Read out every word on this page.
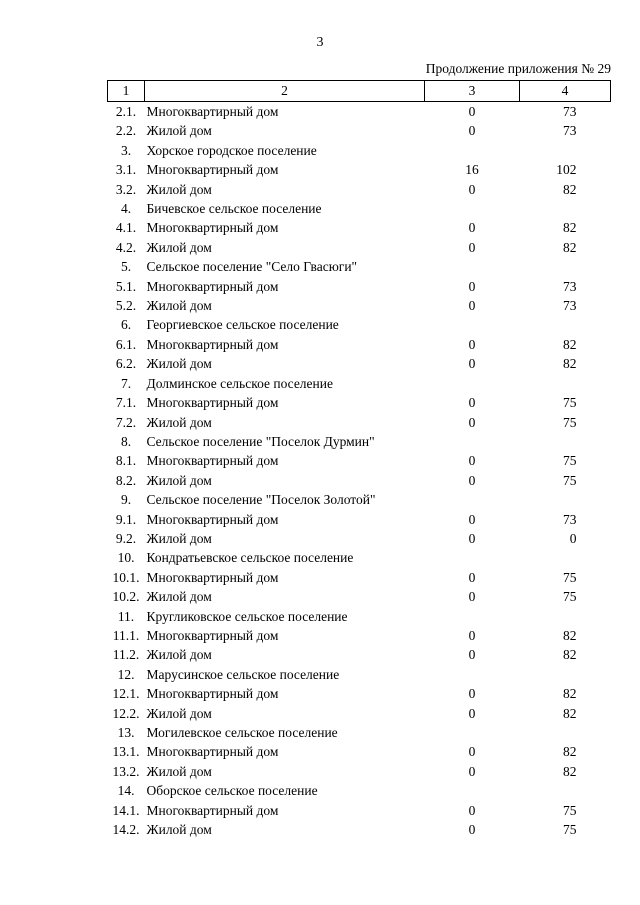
3
Продолжение приложения № 29
1	2	3	4
2.1.	Многоквартирный дом	0	73
2.2.	Жилой дом	0	73
3.	Хорское городское поселение		
3.1.	Многоквартирный дом	16	102
3.2.	Жилой дом	0	82
4.	Бичевское сельское поселение		
4.1.	Многоквартирный дом	0	82
4.2.	Жилой дом	0	82
5.	Сельское поселение "Село Гвасюги"		
5.1.	Многоквартирный дом	0	73
5.2.	Жилой дом	0	73
6.	Георгиевское сельское поселение		
6.1.	Многоквартирный дом	0	82
6.2.	Жилой дом	0	82
7.	Долминское сельское поселение		
7.1.	Многоквартирный дом	0	75
7.2.	Жилой дом	0	75
8.	Сельское поселение "Поселок Дурмин"		
8.1.	Многоквартирный дом	0	75
8.2.	Жилой дом	0	75
9.	Сельское поселение "Поселок Золотой"		
9.1.	Многоквартирный дом	0	73
9.2.	Жилой дом	0	0
10.	Кондратьевское сельское поселение		
10.1.	Многоквартирный дом	0	75
10.2.	Жилой дом	0	75
11.	Кругликовское сельское поселение		
11.1.	Многоквартирный дом	0	82
11.2.	Жилой дом	0	82
12.	Марусинское сельское поселение		
12.1.	Многоквартирный дом	0	82
12.2.	Жилой дом	0	82
13.	Могилевское сельское поселение		
13.1.	Многоквартирный дом	0	82
13.2.	Жилой дом	0	82
14.	Оборское сельское поселение		
14.1.	Многоквартирный дом	0	75
14.2.	Жилой дом	0	75
